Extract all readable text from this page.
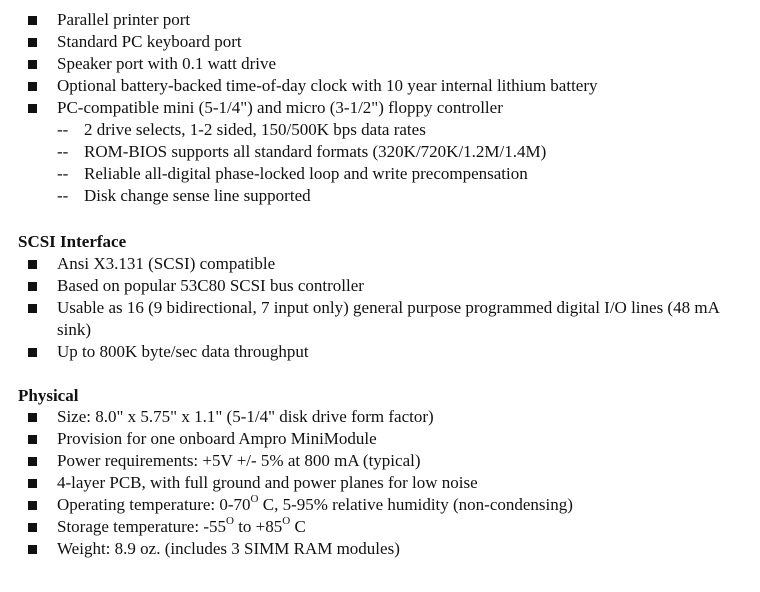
Parallel printer port
Standard PC keyboard port
Speaker port with 0.1 watt drive
Optional battery-backed time-of-day clock with 10 year internal lithium battery
PC-compatible mini (5-1/4") and micro (3-1/2") floppy controller
-- 2 drive selects, 1-2 sided, 150/500K bps data rates
-- ROM-BIOS supports all standard formats (320K/720K/1.2M/1.4M)
-- Reliable all-digital phase-locked loop and write precompensation
-- Disk change sense line supported
SCSI Interface
Ansi X3.131 (SCSI) compatible
Based on popular 53C80 SCSI bus controller
Usable as 16 (9 bidirectional, 7 input only) general purpose programmed digital I/O lines (48 mA sink)
Up to 800K byte/sec data throughput
Physical
Size: 8.0" x 5.75" x 1.1" (5-1/4" disk drive form factor)
Provision for one onboard Ampro MiniModule
Power requirements: +5V +/- 5% at 800 mA (typical)
4-layer PCB, with full ground and power planes for low noise
Operating temperature: $0-70^O$ C, 5-95% relative humidity (non-condensing)
Storage temperature: $-55^O$ to $+85^O$ C
Weight: 8.9 oz. (includes 3 SIMM RAM modules)
